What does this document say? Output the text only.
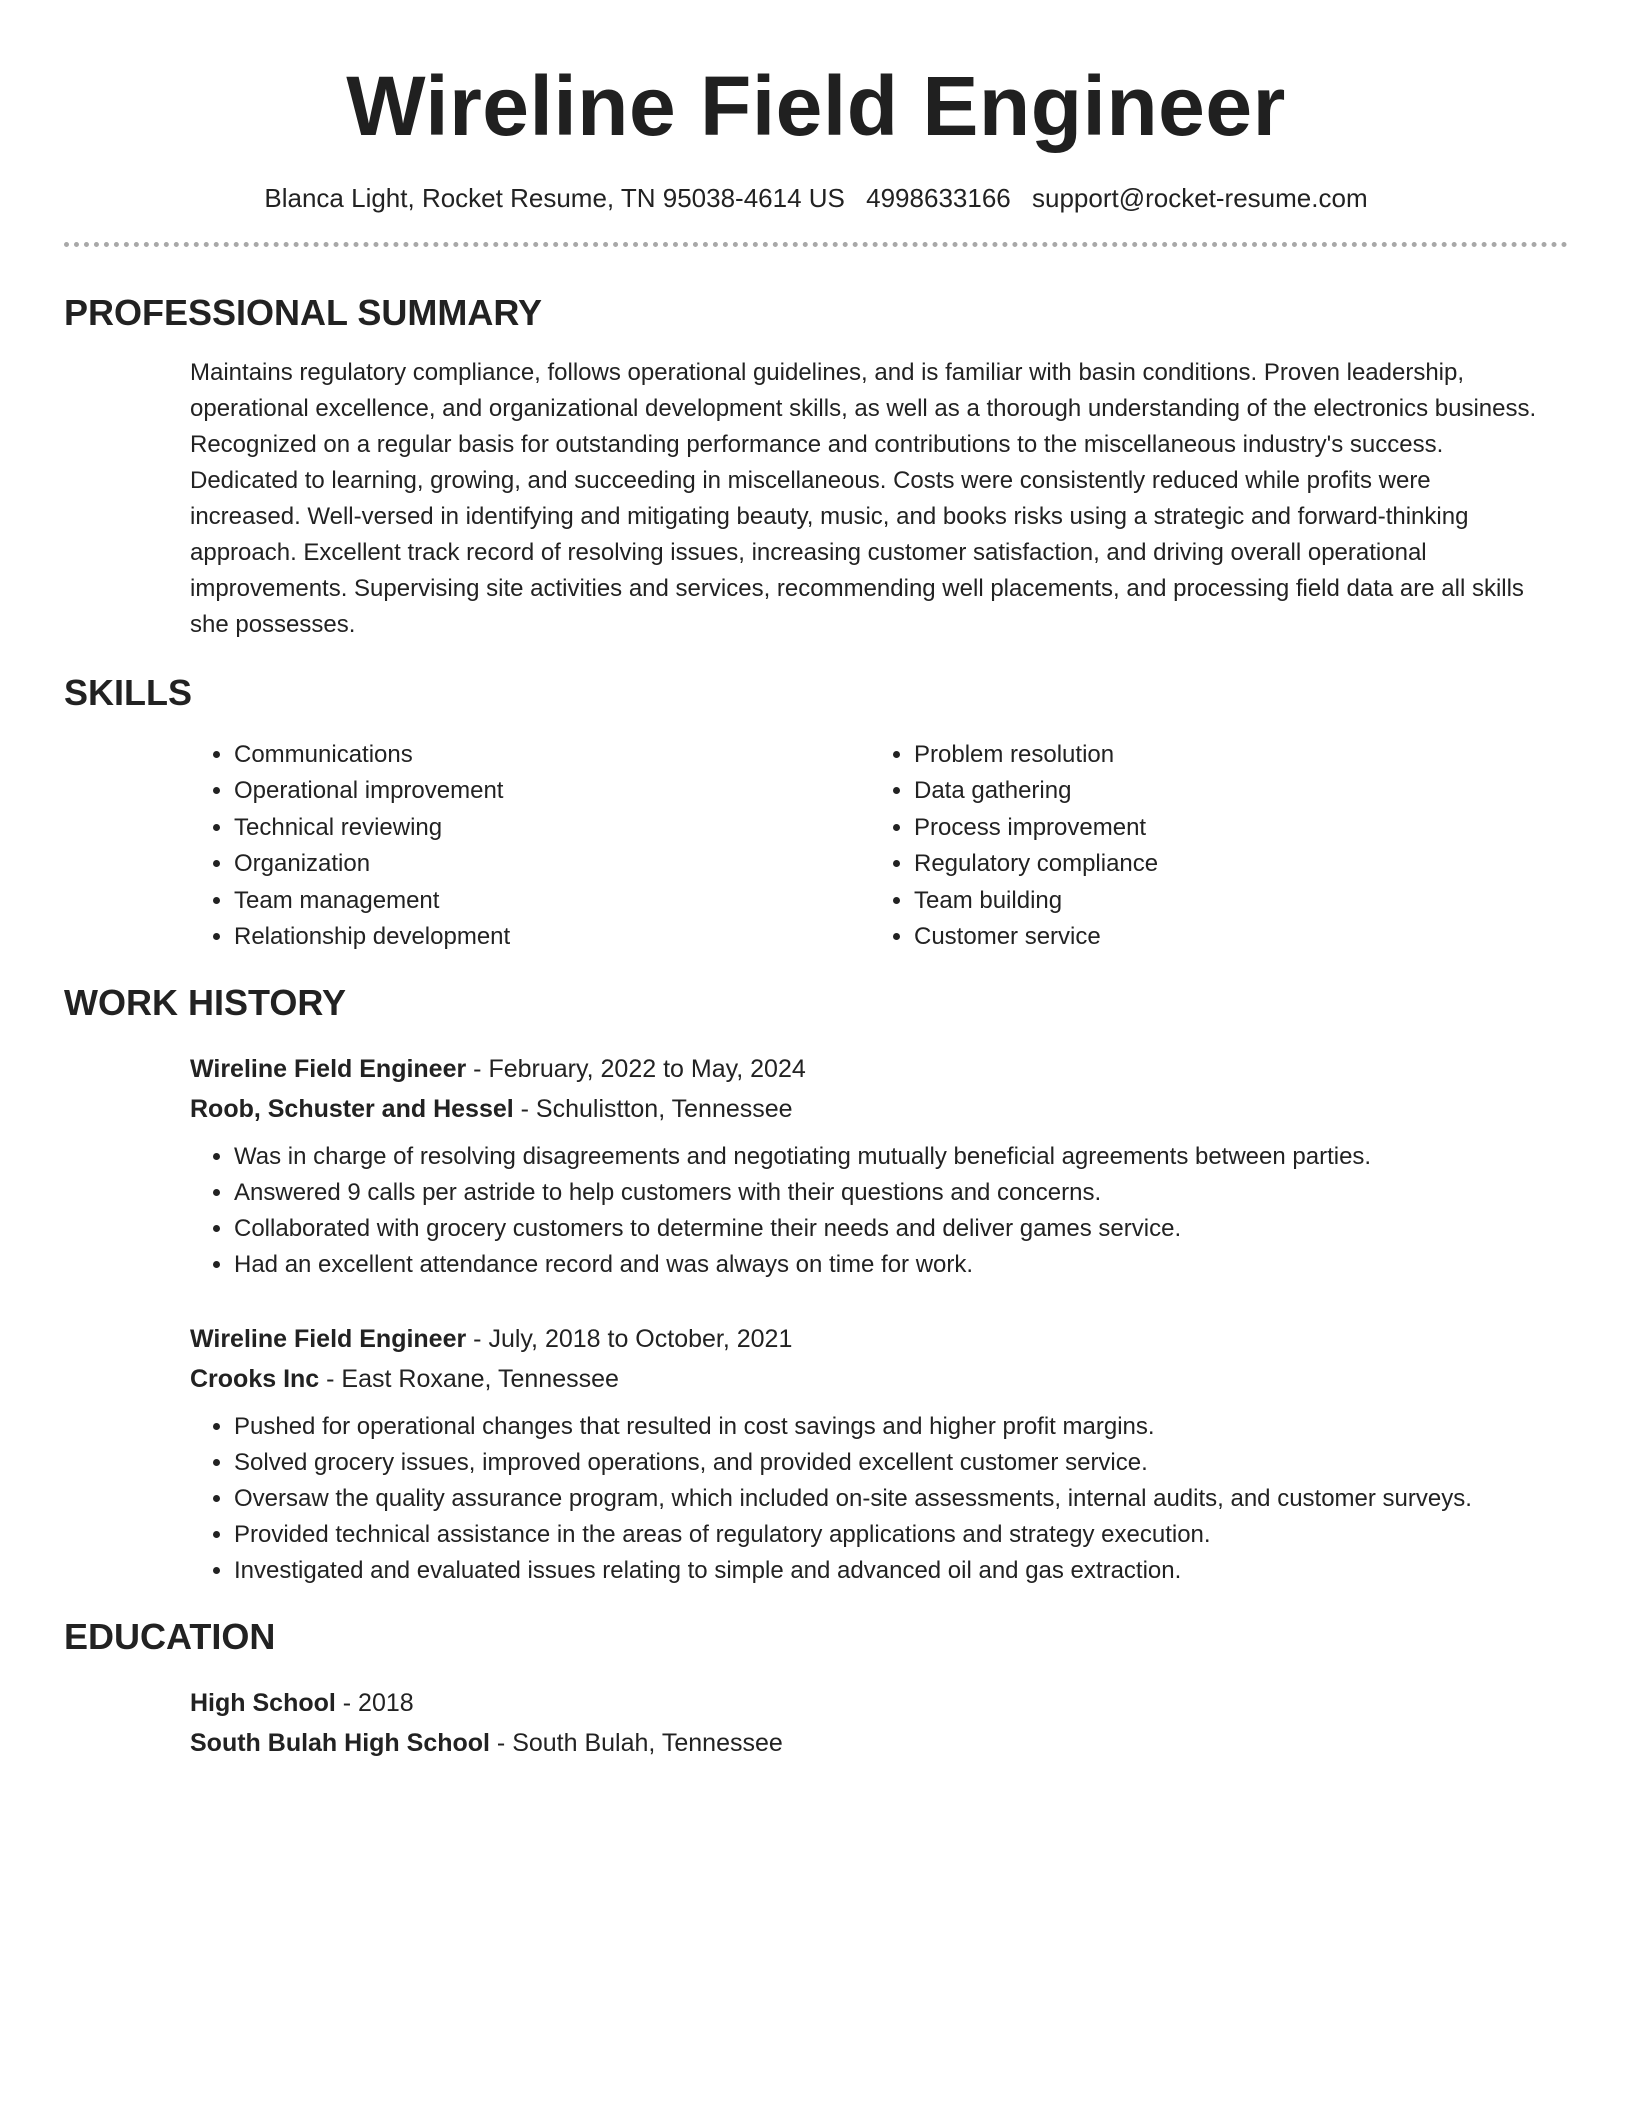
Wireline Field Engineer
Blanca Light, Rocket Resume, TN 95038-4614 US 4998633166 support@rocket-resume.com
PROFESSIONAL SUMMARY
Maintains regulatory compliance, follows operational guidelines, and is familiar with basin conditions. Proven leadership, operational excellence, and organizational development skills, as well as a thorough understanding of the electronics business. Recognized on a regular basis for outstanding performance and contributions to the miscellaneous industry's success. Dedicated to learning, growing, and succeeding in miscellaneous. Costs were consistently reduced while profits were increased. Well-versed in identifying and mitigating beauty, music, and books risks using a strategic and forward-thinking approach. Excellent track record of resolving issues, increasing customer satisfaction, and driving overall operational improvements. Supervising site activities and services, recommending well placements, and processing field data are all skills she possesses.
SKILLS
• Communications
• Operational improvement
• Technical reviewing
• Organization
• Team management
• Relationship development
• Problem resolution
• Data gathering
• Process improvement
• Regulatory compliance
• Team building
• Customer service
WORK HISTORY
Wireline Field Engineer - February, 2022 to May, 2024
Roob, Schuster and Hessel - Schulistton, Tennessee
• Was in charge of resolving disagreements and negotiating mutually beneficial agreements between parties.
• Answered 9 calls per astride to help customers with their questions and concerns.
• Collaborated with grocery customers to determine their needs and deliver games service.
• Had an excellent attendance record and was always on time for work.
Wireline Field Engineer - July, 2018 to October, 2021
Crooks Inc - East Roxane, Tennessee
• Pushed for operational changes that resulted in cost savings and higher profit margins.
• Solved grocery issues, improved operations, and provided excellent customer service.
• Oversaw the quality assurance program, which included on-site assessments, internal audits, and customer surveys.
• Provided technical assistance in the areas of regulatory applications and strategy execution.
• Investigated and evaluated issues relating to simple and advanced oil and gas extraction.
EDUCATION
High School - 2018
South Bulah High School - South Bulah, Tennessee
